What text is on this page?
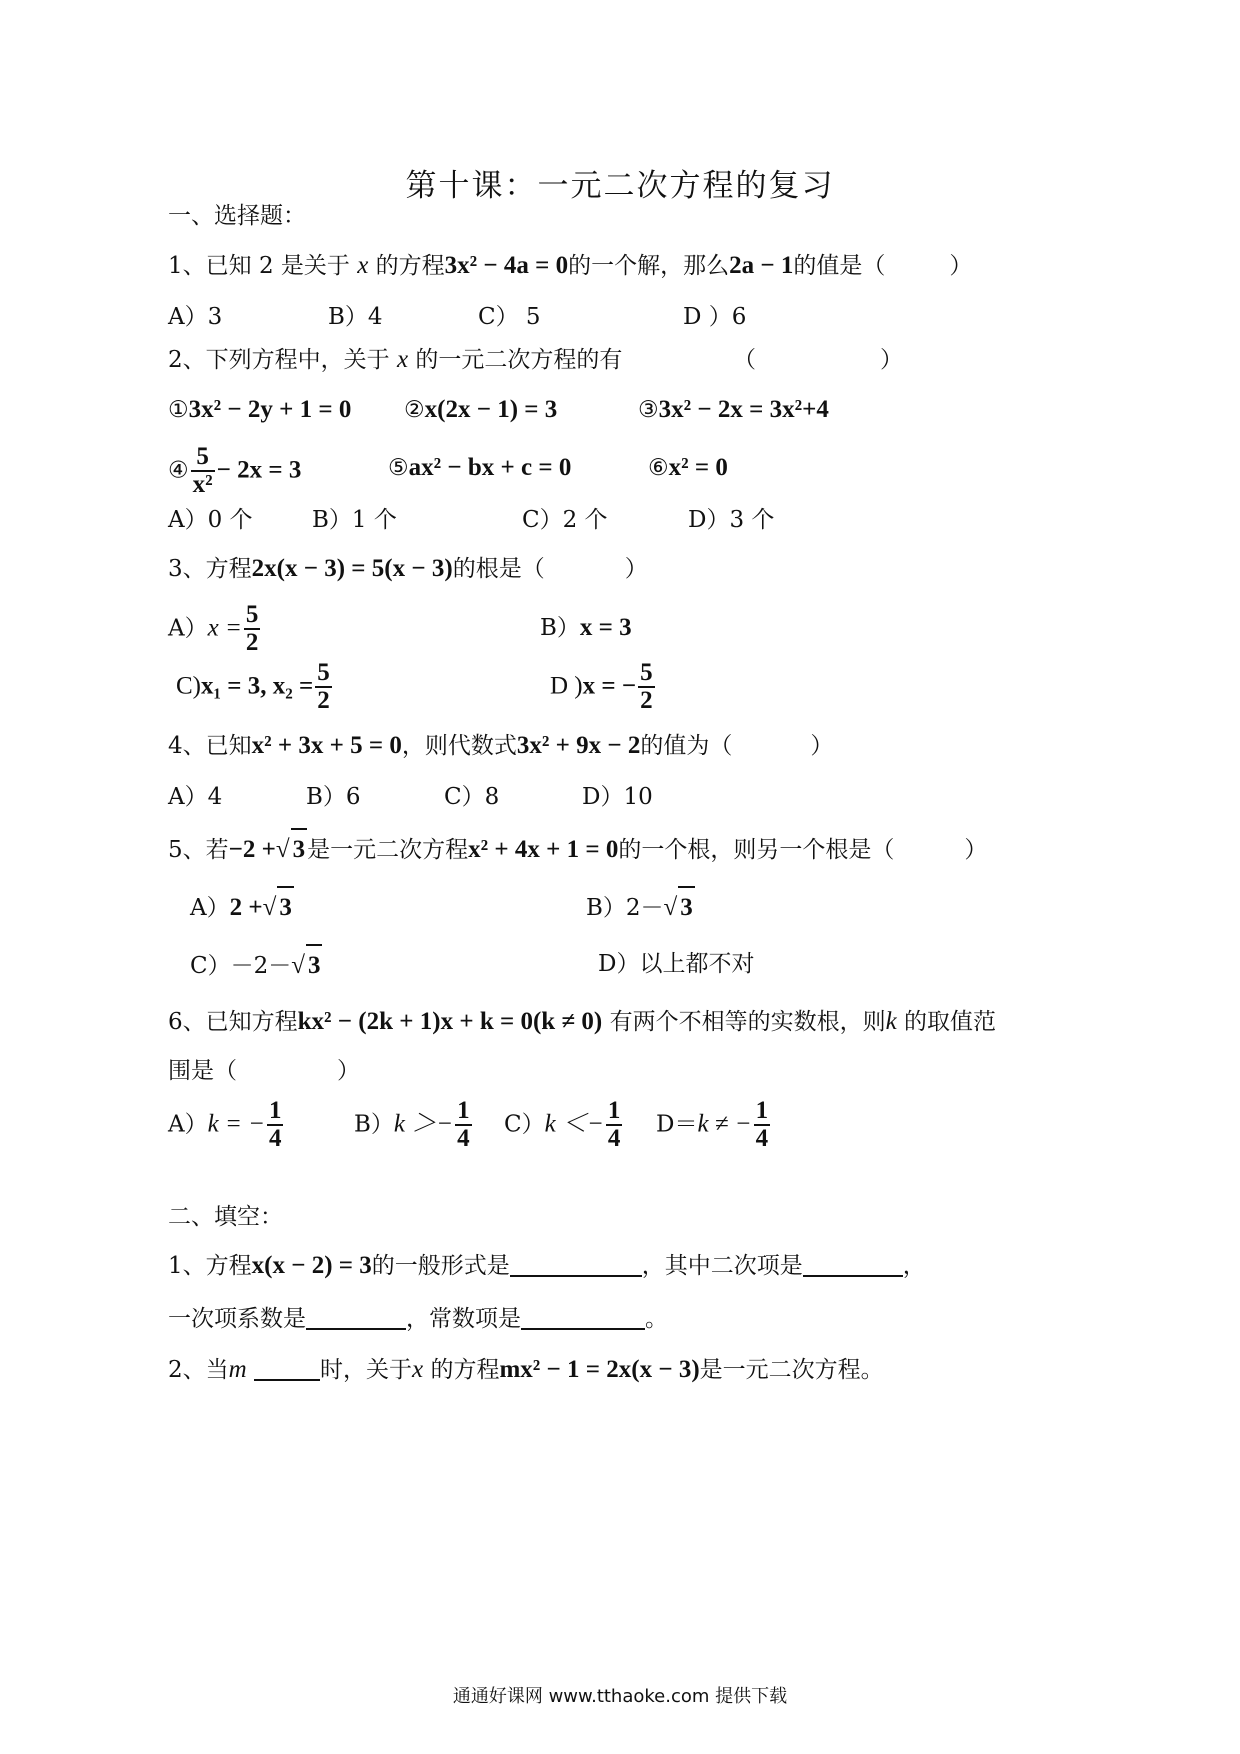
第十课：一元二次方程的复习
一、选择题：
1、已知 2 是关于 x 的方程3x² − 4a = 0的一个解，那么2a − 1的值是（	）
A）3	B）4	C） 5	D ）6
2、下列方程中，关于 x 的一元二次方程的有	（	）
①3x² − 2y + 1 = 0 ②x(2x − 1) = 3	③3x² − 2x = 3x²+4
④ $\frac{5}{\text{x²}} - 2x = 3$	⑤ax² − bx + c = 0	⑥x² = 0
A）0 个	B）1 个	C）2 个	D）3 个
3、方程2x(x − 3) = 5(x − 3)的根是（	）
$A)x = \frac{5}{2}$	B）x = 3
C)x₁ = 3, $x_2 = \frac{5}{2}$	D )x = − $\frac{5}{2}$
4、已知x² + 3x + 5 = 0，则代数式3x² + 9x − 2的值为（	）
A）4	B）6	C）8	D）10
5、若−2 +√ 3是一元二次方程x² + 4x + 1 = 0的一个根，则另一个根是（	）
A）2 +√ 3	B）2－√ 3
C）－2－√ 3	D）以上都不对
6、已知方程kx² − (2k + 1)x + k = 0(k ≠ 0) 有两个不相等的实数根，则k 的取值范
围是（	）
A）k = − $\frac{1}{4}$	$B)k >- \frac{1}{4} C)k <- \frac{1}{4} D=k$ ≠ − $\frac{1}{4}$
二、填空：
1、方程x(x − 2) = 3的一般形式是	，其中二次项是	，
一次项系数是	，常数项是	。
2、当m	时，关于x 的方程mx² − 1 = 2x(x − 3)是一元二次方程。
通通好课网 www.tthaoke.com 提供下载
